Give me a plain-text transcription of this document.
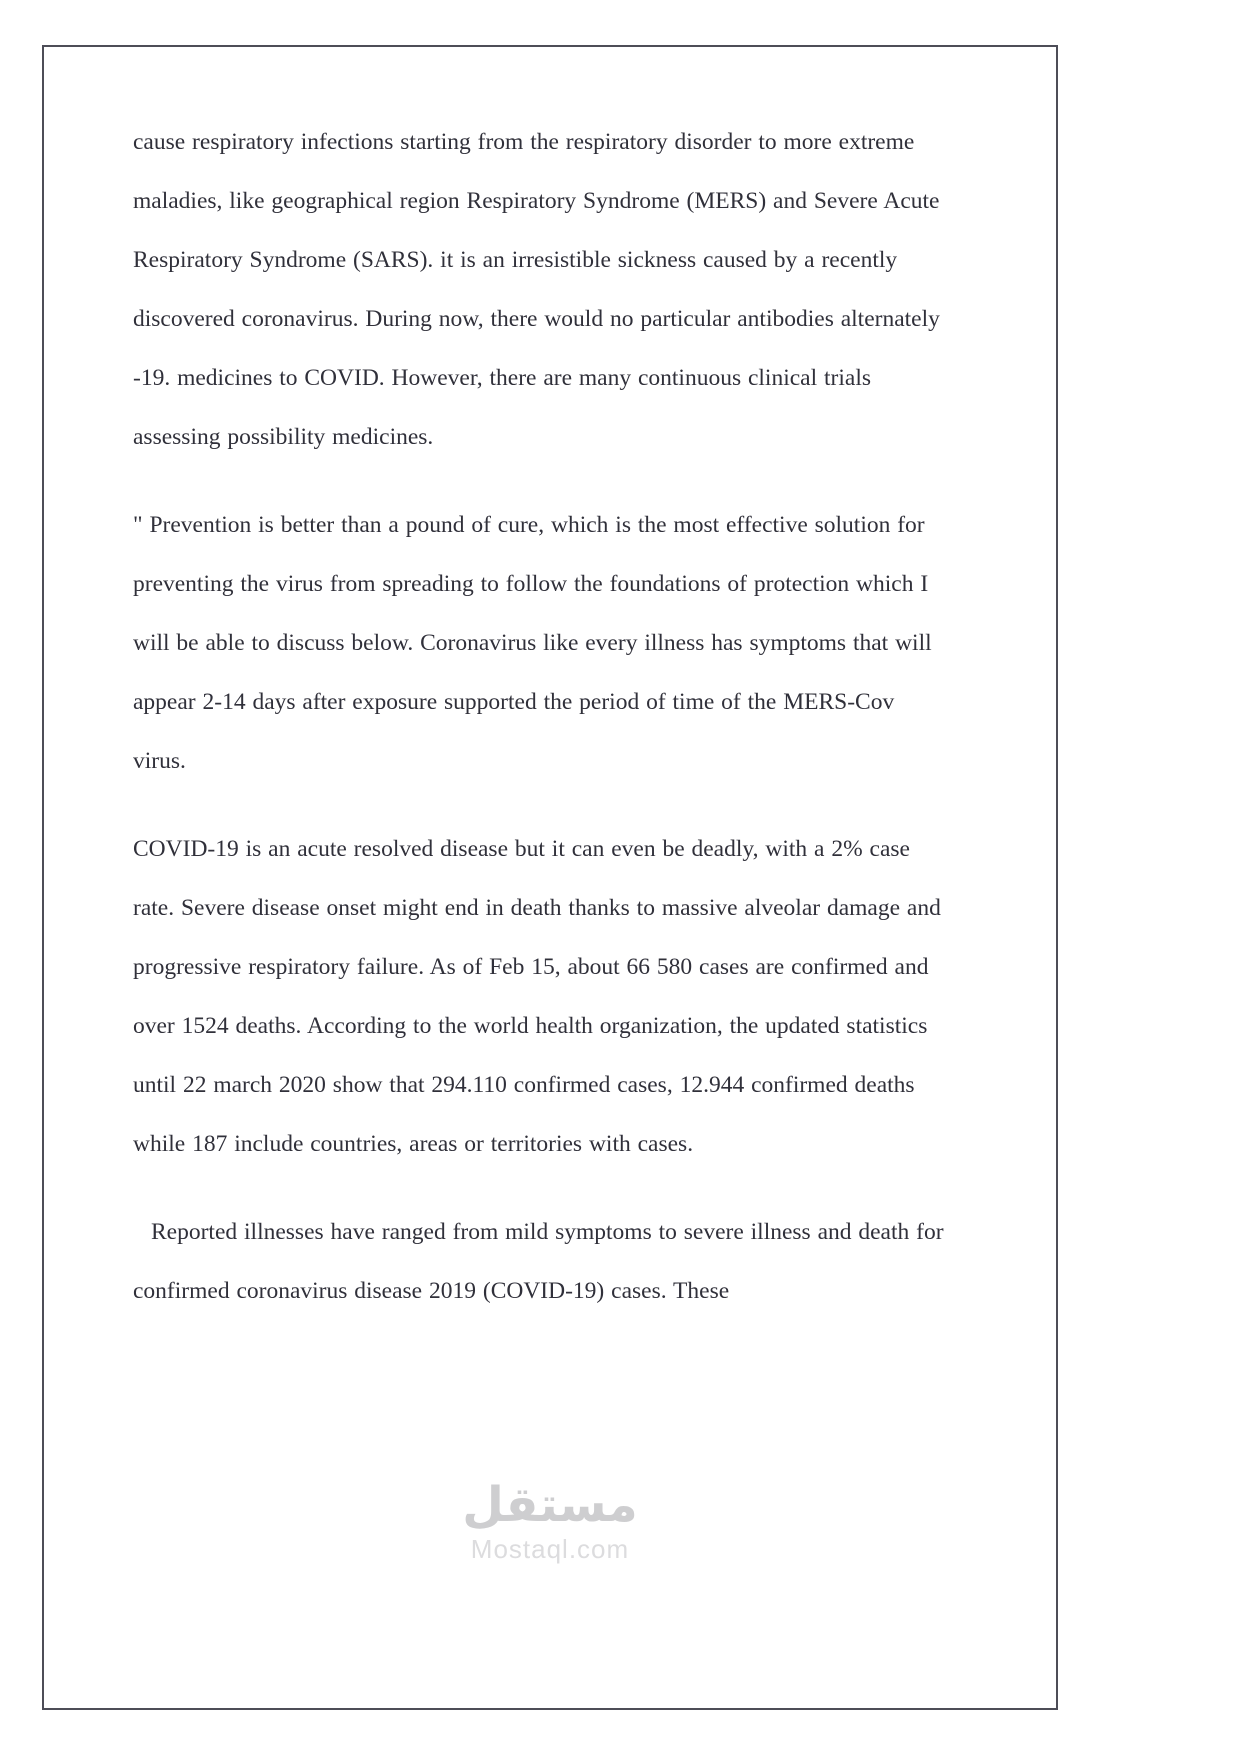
cause respiratory infections starting from the respiratory disorder to more extreme maladies, like geographical region Respiratory Syndrome (MERS) and Severe Acute Respiratory Syndrome (SARS). it is an irresistible sickness caused by a recently discovered coronavirus. During now, there would no particular antibodies alternately -19. medicines to COVID. However, there are many continuous clinical trials assessing possibility medicines.

" Prevention is better than a pound of cure, which is the most effective solution for preventing the virus from spreading to follow the foundations of protection which I will be able to discuss below. Coronavirus like every illness has symptoms that will appear 2-14 days after exposure supported the period of time of the MERS-Cov virus.

COVID-19 is an acute resolved disease but it can even be deadly, with a 2% case rate. Severe disease onset might end in death thanks to massive alveolar damage and progressive respiratory failure. As of Feb 15, about 66 580 cases are confirmed and over 1524 deaths. According to the world health organization, the updated statistics until 22 march 2020 show that 294.110 confirmed cases, 12.944 confirmed deaths while 187 include countries, areas or territories with cases.

Reported illnesses have ranged from mild symptoms to severe illness and death for confirmed coronavirus disease 2019 (COVID-19) cases. These

مستقل
Mostaql.com
